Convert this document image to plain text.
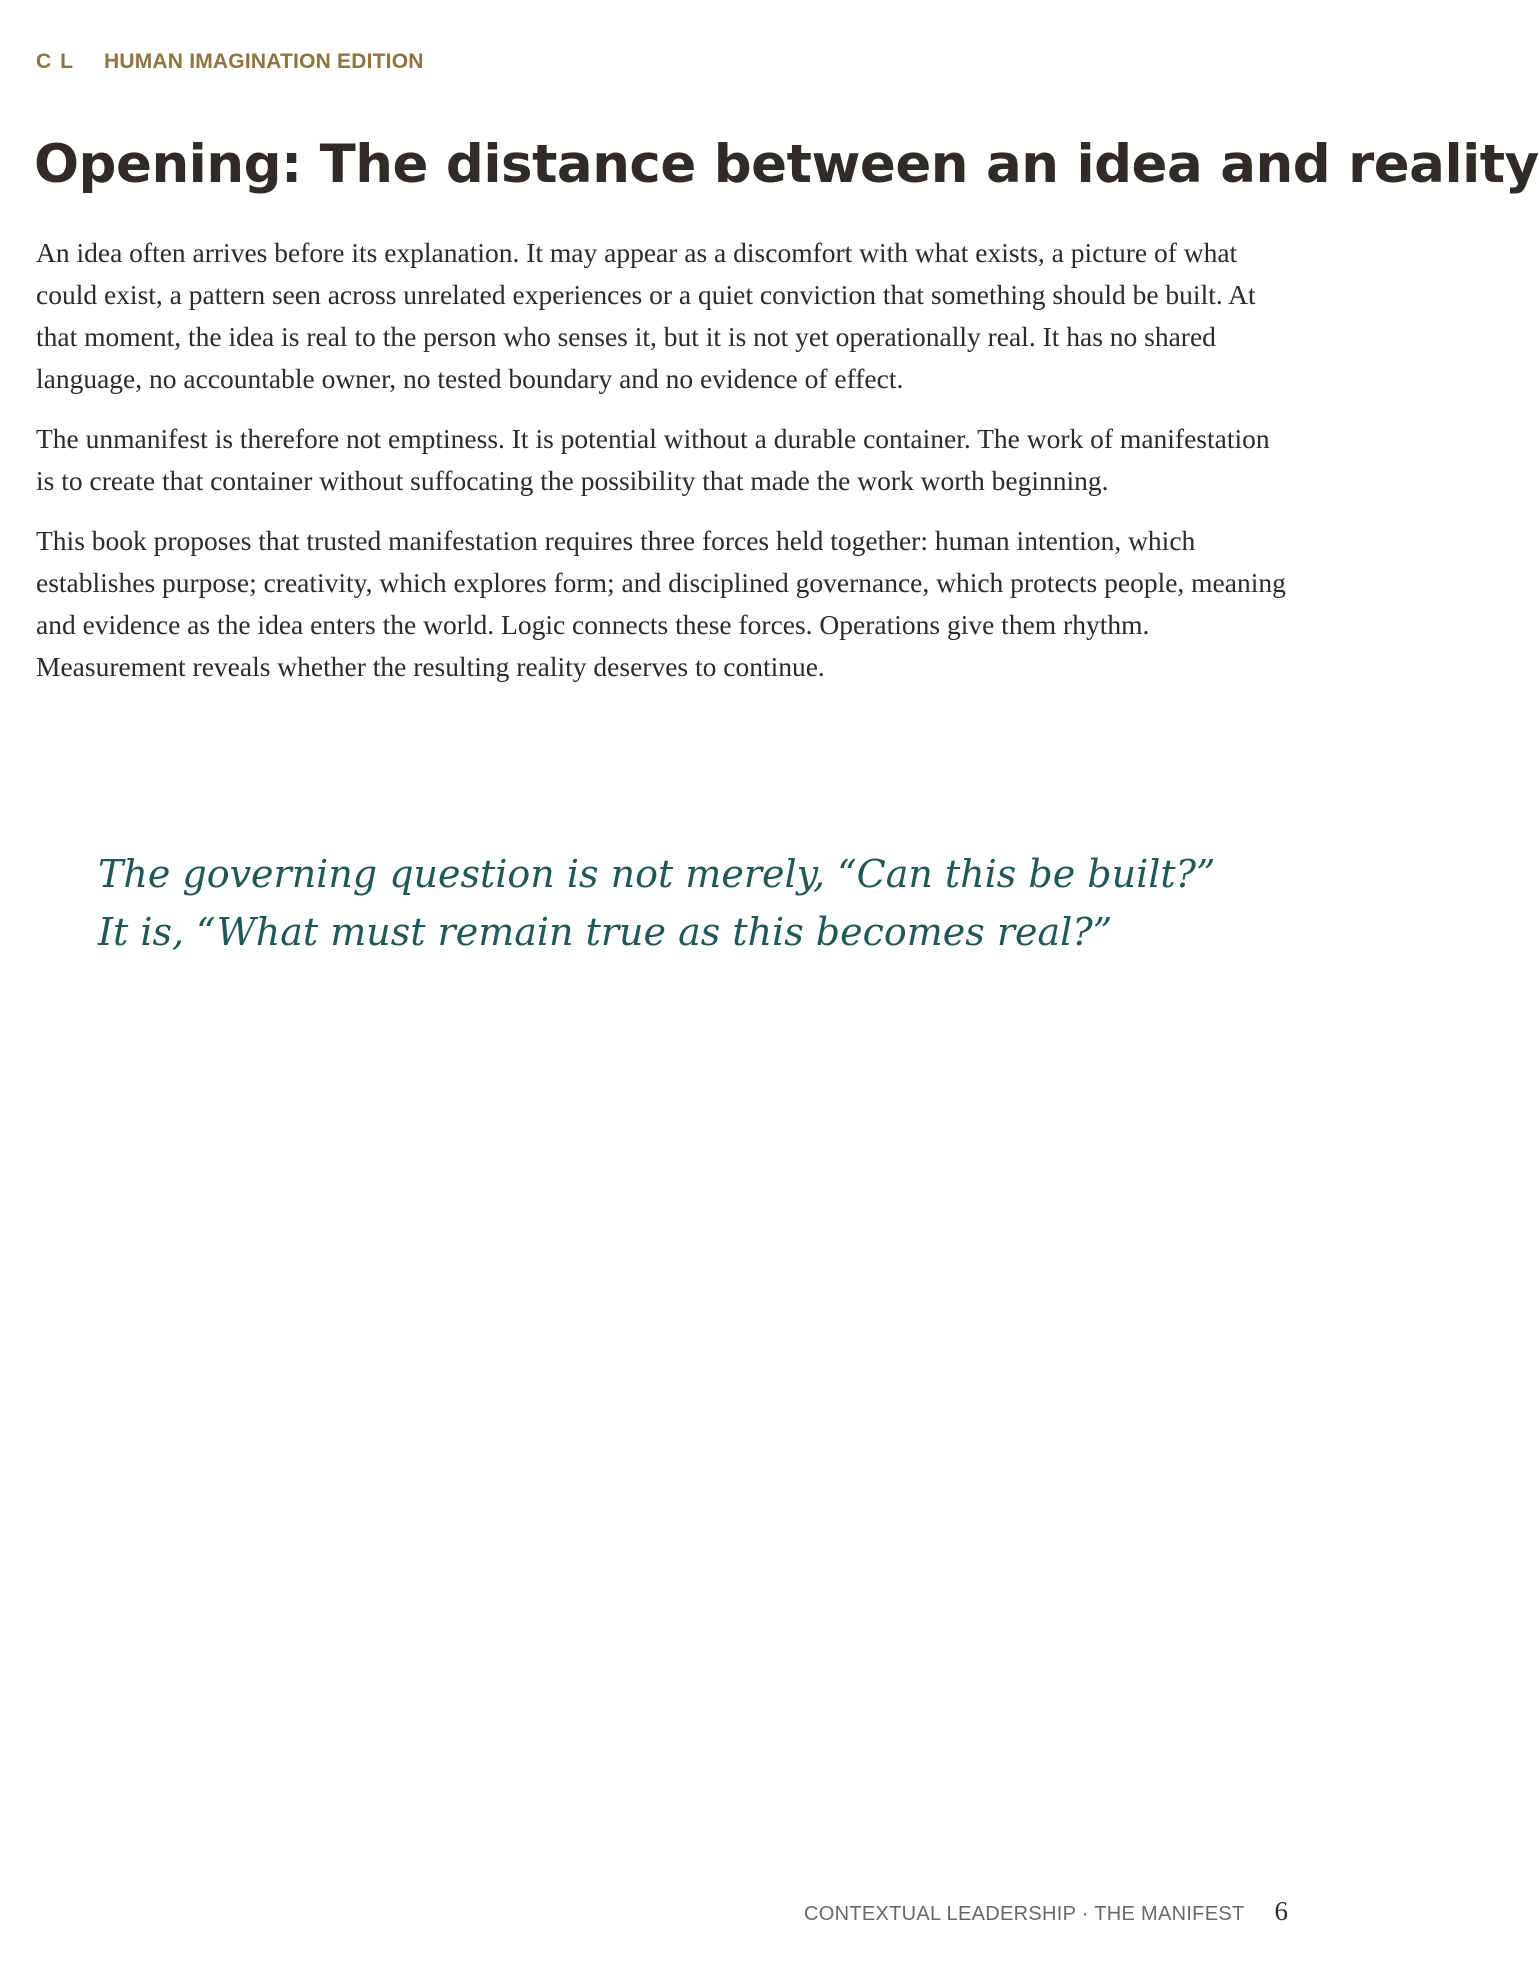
CL HUMAN IMAGINATION EDITION
Opening: The distance between an idea and reality

An idea often arrives before its explanation. It may appear as a discomfort with what exists, a picture of what could exist, a pattern seen across unrelated experiences or a quiet conviction that something should be built. At that moment, the idea is real to the person who senses it, but it is not yet operationally real. It has no shared language, no accountable owner, no tested boundary and no evidence of effect.

The unmanifest is therefore not emptiness. It is potential without a durable container. The work of manifestation is to create that container without suffocating the possibility that made the work worth beginning.

This book proposes that trusted manifestation requires three forces held together: human intention, which establishes purpose; creativity, which explores form; and disciplined governance, which protects people, meaning and evidence as the idea enters the world. Logic connects these forces. Operations give them rhythm. Measurement reveals whether the resulting reality deserves to continue.

The governing question is not merely, “Can this be built?” It is, “What must remain true as this becomes real?”

CONTEXTUAL LEADERSHIP · THE MANIFEST 6
